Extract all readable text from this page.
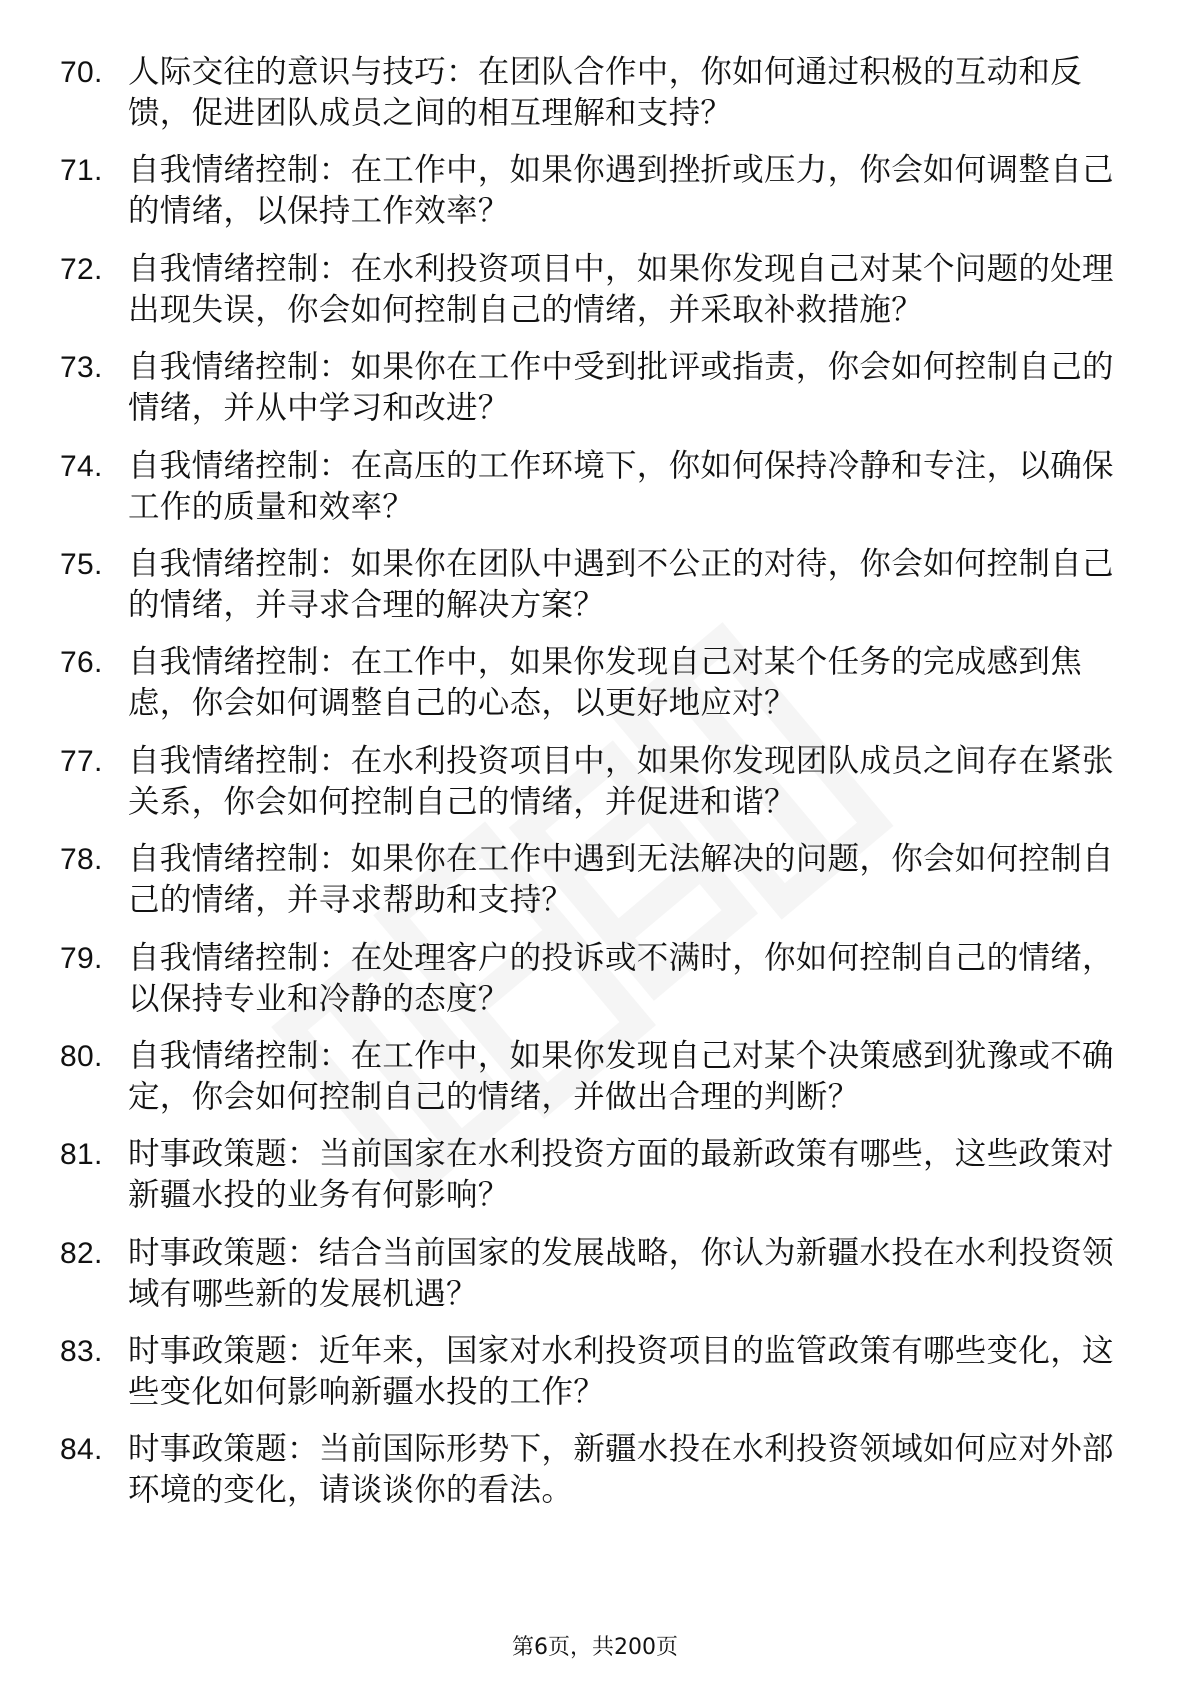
70. 人际交往的意识与技巧：在团队合作中，你如何通过积极的互动和反馈，促进团队成员之间的相互理解和支持？
71. 自我情绪控制：在工作中，如果你遇到挫折或压力，你会如何调整自己的情绪，以保持工作效率？
72. 自我情绪控制：在水利投资项目中，如果你发现自己对某个问题的处理出现失误，你会如何控制自己的情绪，并采取补救措施？
73. 自我情绪控制：如果你在工作中受到批评或指责，你会如何控制自己的情绪，并从中学习和改进？
74. 自我情绪控制：在高压的工作环境下，你如何保持冷静和专注，以确保工作的质量和效率？
75. 自我情绪控制：如果你在团队中遇到不公正的对待，你会如何控制自己的情绪，并寻求合理的解决方案？
76. 自我情绪控制：在工作中，如果你发现自己对某个任务的完成感到焦虑，你会如何调整自己的心态，以更好地应对？
77. 自我情绪控制：在水利投资项目中，如果你发现团队成员之间存在紧张关系，你会如何控制自己的情绪，并促进和谐？
78. 自我情绪控制：如果你在工作中遇到无法解决的问题，你会如何控制自己的情绪，并寻求帮助和支持？
79. 自我情绪控制：在处理客户的投诉或不满时，你如何控制自己的情绪，以保持专业和冷静的态度？
80. 自我情绪控制：在工作中，如果你发现自己对某个决策感到犹豫或不确定，你会如何控制自己的情绪，并做出合理的判断？
81. 时事政策题：当前国家在水利投资方面的最新政策有哪些，这些政策对新疆水投的业务有何影响？
82. 时事政策题：结合当前国家的发展战略，你认为新疆水投在水利投资领域有哪些新的发展机遇？
83. 时事政策题：近年来，国家对水利投资项目的监管政策有哪些变化，这些变化如何影响新疆水投的工作？
84. 时事政策题：当前国际形势下，新疆水投在水利投资领域如何应对外部环境的变化，请谈谈你的看法。
第6页，共200页
